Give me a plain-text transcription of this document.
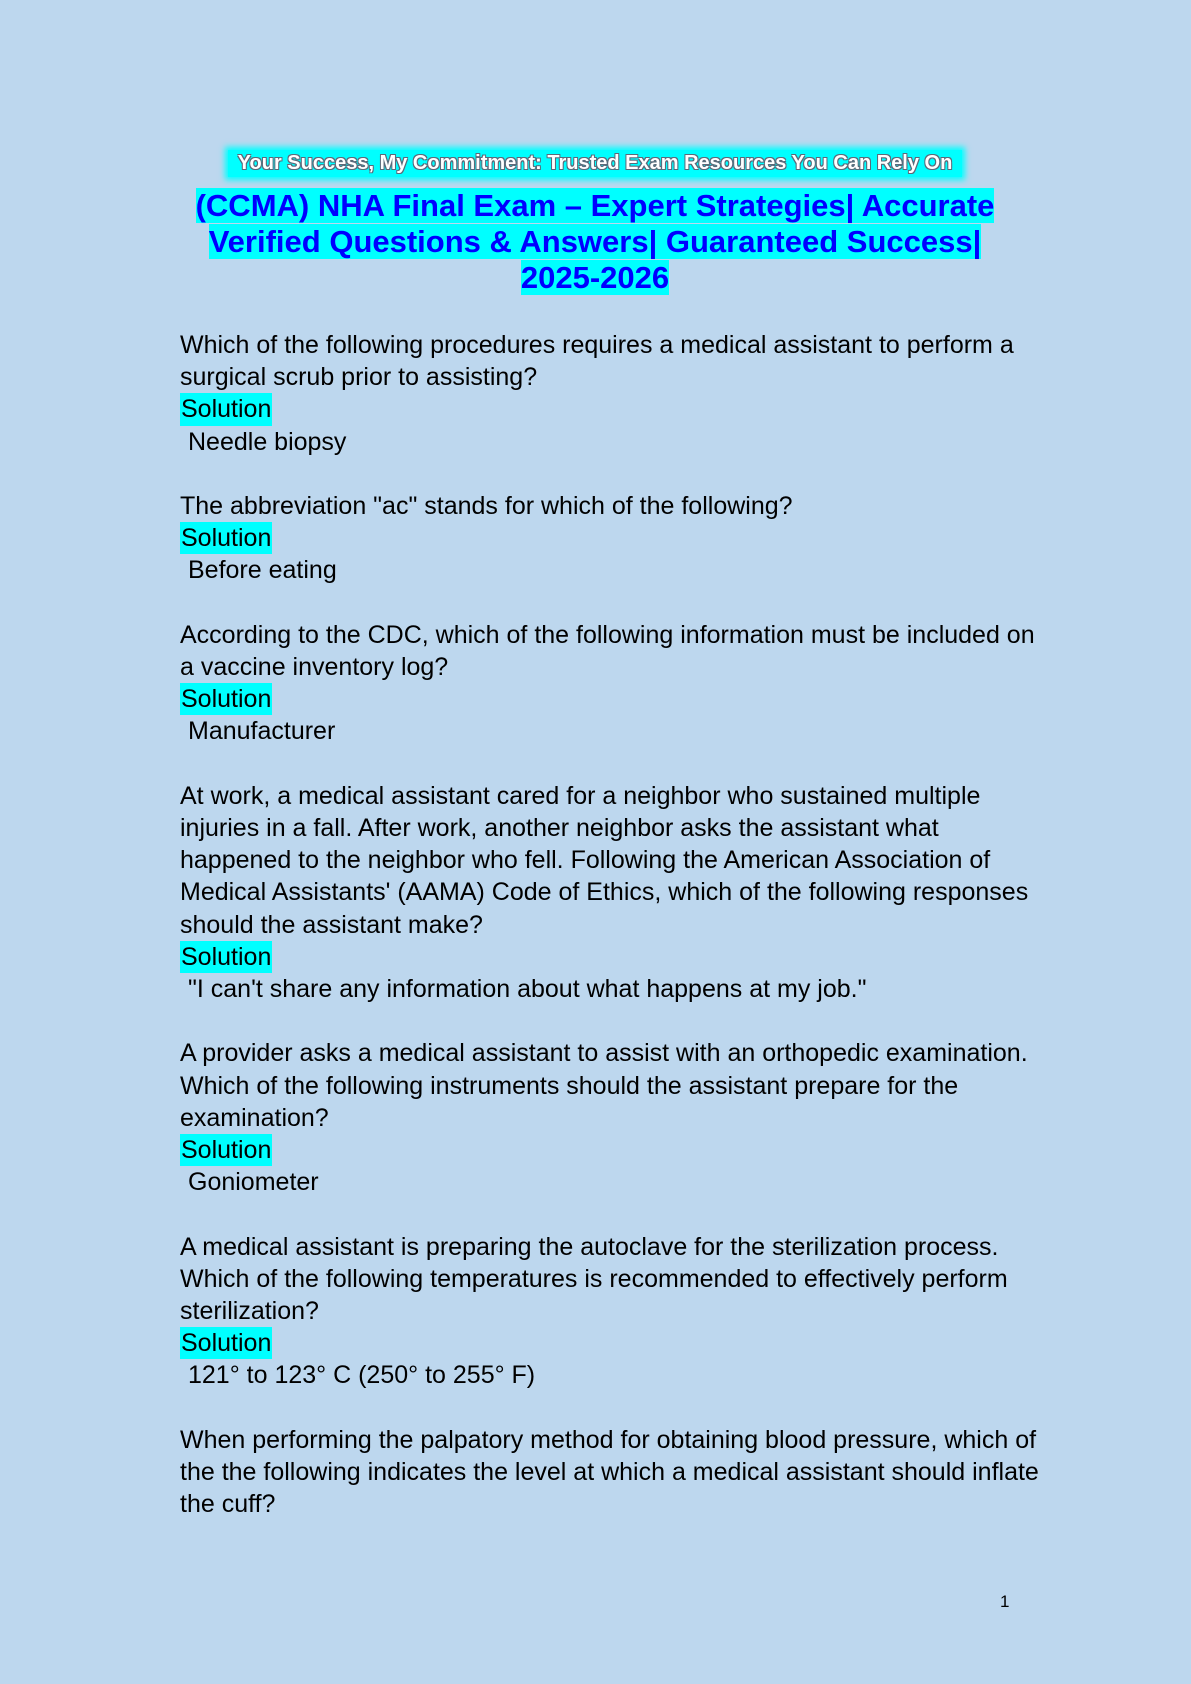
Your Success, My Commitment: Trusted Exam Resources You Can Rely On
(CCMA) NHA Final Exam – Expert Strategies| Accurate
Verified Questions & Answers| Guaranteed Success|
2025-2026

Which of the following procedures requires a medical assistant to perform a surgical scrub prior to assisting?

Solution

Needle biopsy

The abbreviation "ac" stands for which of the following?

Solution

Before eating

According to the CDC, which of the following information must be included on a vaccine inventory log?

Solution

Manufacturer

At work, a medical assistant cared for a neighbor who sustained multiple injuries in a fall. After work, another neighbor asks the assistant what happened to the neighbor who fell. Following the American Association of Medical Assistants' (AAMA) Code of Ethics, which of the following responses should the assistant make?

Solution

"I can't share any information about what happens at my job."

A provider asks a medical assistant to assist with an orthopedic examination. Which of the following instruments should the assistant prepare for the examination?

Solution

Goniometer

A medical assistant is preparing the autoclave for the sterilization process. Which of the following temperatures is recommended to effectively perform sterilization?

Solution

121° to 123° C (250° to 255° F)

When performing the palpatory method for obtaining blood pressure, which of the the following indicates the level at which a medical assistant should inflate the cuff?

1
